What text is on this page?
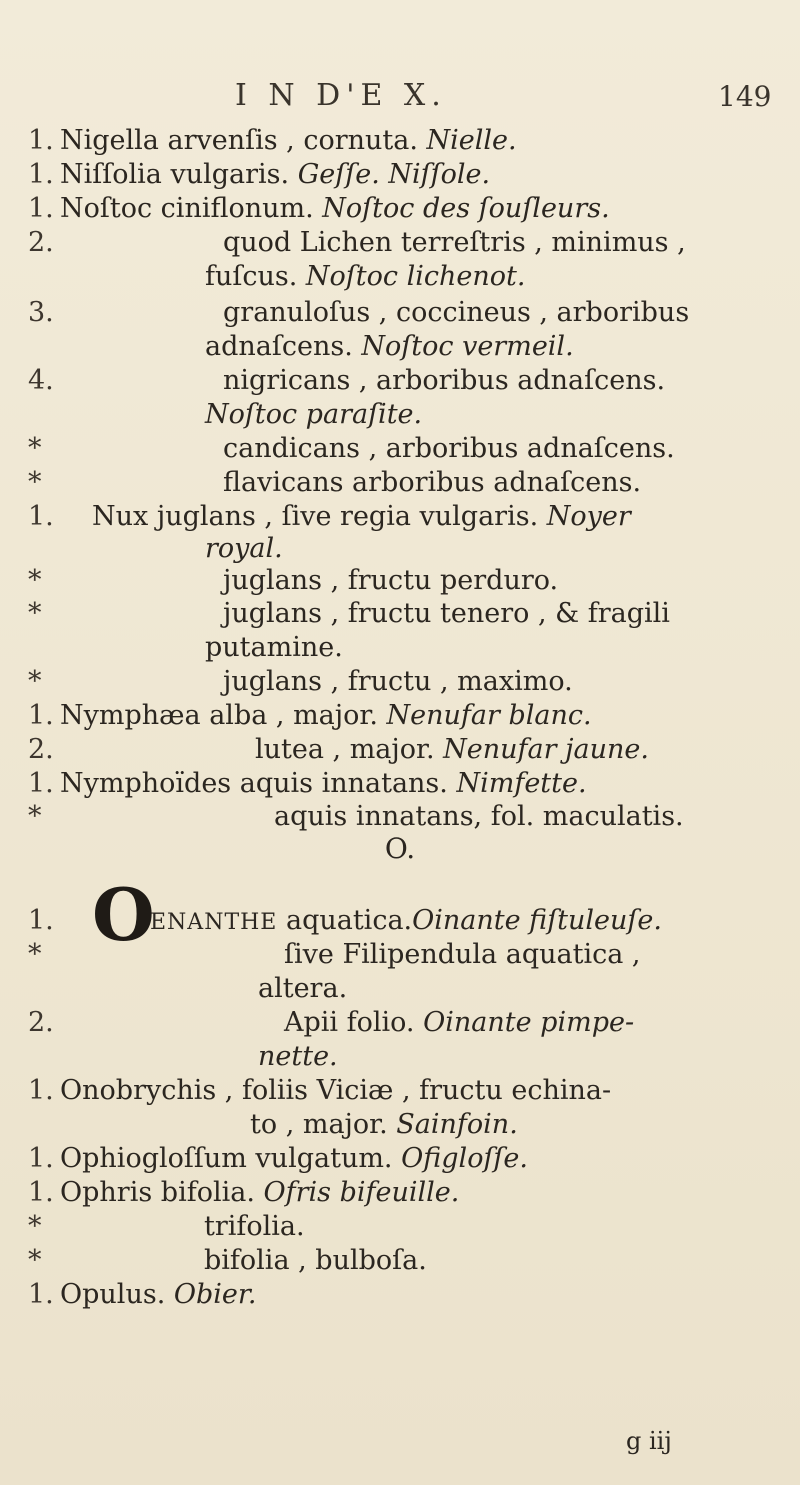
I N D'E X.	149
1. Nigella arvenſis , cornuta. Nielle.
1. Niſſolia vulgaris. Geſſe. Niſſole.
1. Noſtoc ciniflonum. Noſtoc des ſouſleurs.
2.	quod Lichen terreſtris , minimus ,
fuſcus. Noſtoc lichenot.
3.	granuloſus , coccineus , arboribus
adnaſcens. Noſtoc vermeil.
4.	nigricans , arboribus adnaſcens.
Noſtoc paraſite.
*	candicans , arboribus adnaſcens.
*	flavicans arboribus adnaſcens.
1.	Nux juglans , ſive regia vulgaris. Noyer
royal.
*	juglans , fructu perduro.
*	juglans , fructu tenero , & fragili
putamine.
*	juglans , fructu , maximo.
1. Nymphæa alba , major. Nenufar blanc.
2.	lutea , major. Nenufar jaune.
1. Nymphoïdes aquis innatans. Nimfette.
*	aquis innatans, fol. maculatis.
O.
O
1.	ENANTHE aquatica.Oinante fiſtuleuſe.
*	ſive Filipendula aquatica ,
altera.
2.	Apii folio. Oinante pimpe-
nette.
1. Onobrychis , foliis Viciæ , fructu echina-
to , major. Sainfoin.
1. Ophiogloſſum vulgatum. Ofigloſſe.
1. Ophris bifolia. Ofris bifeuille.
*	trifolia.
*	bifolia , bulboſa.
1. Opulus. Obier.
g iij
